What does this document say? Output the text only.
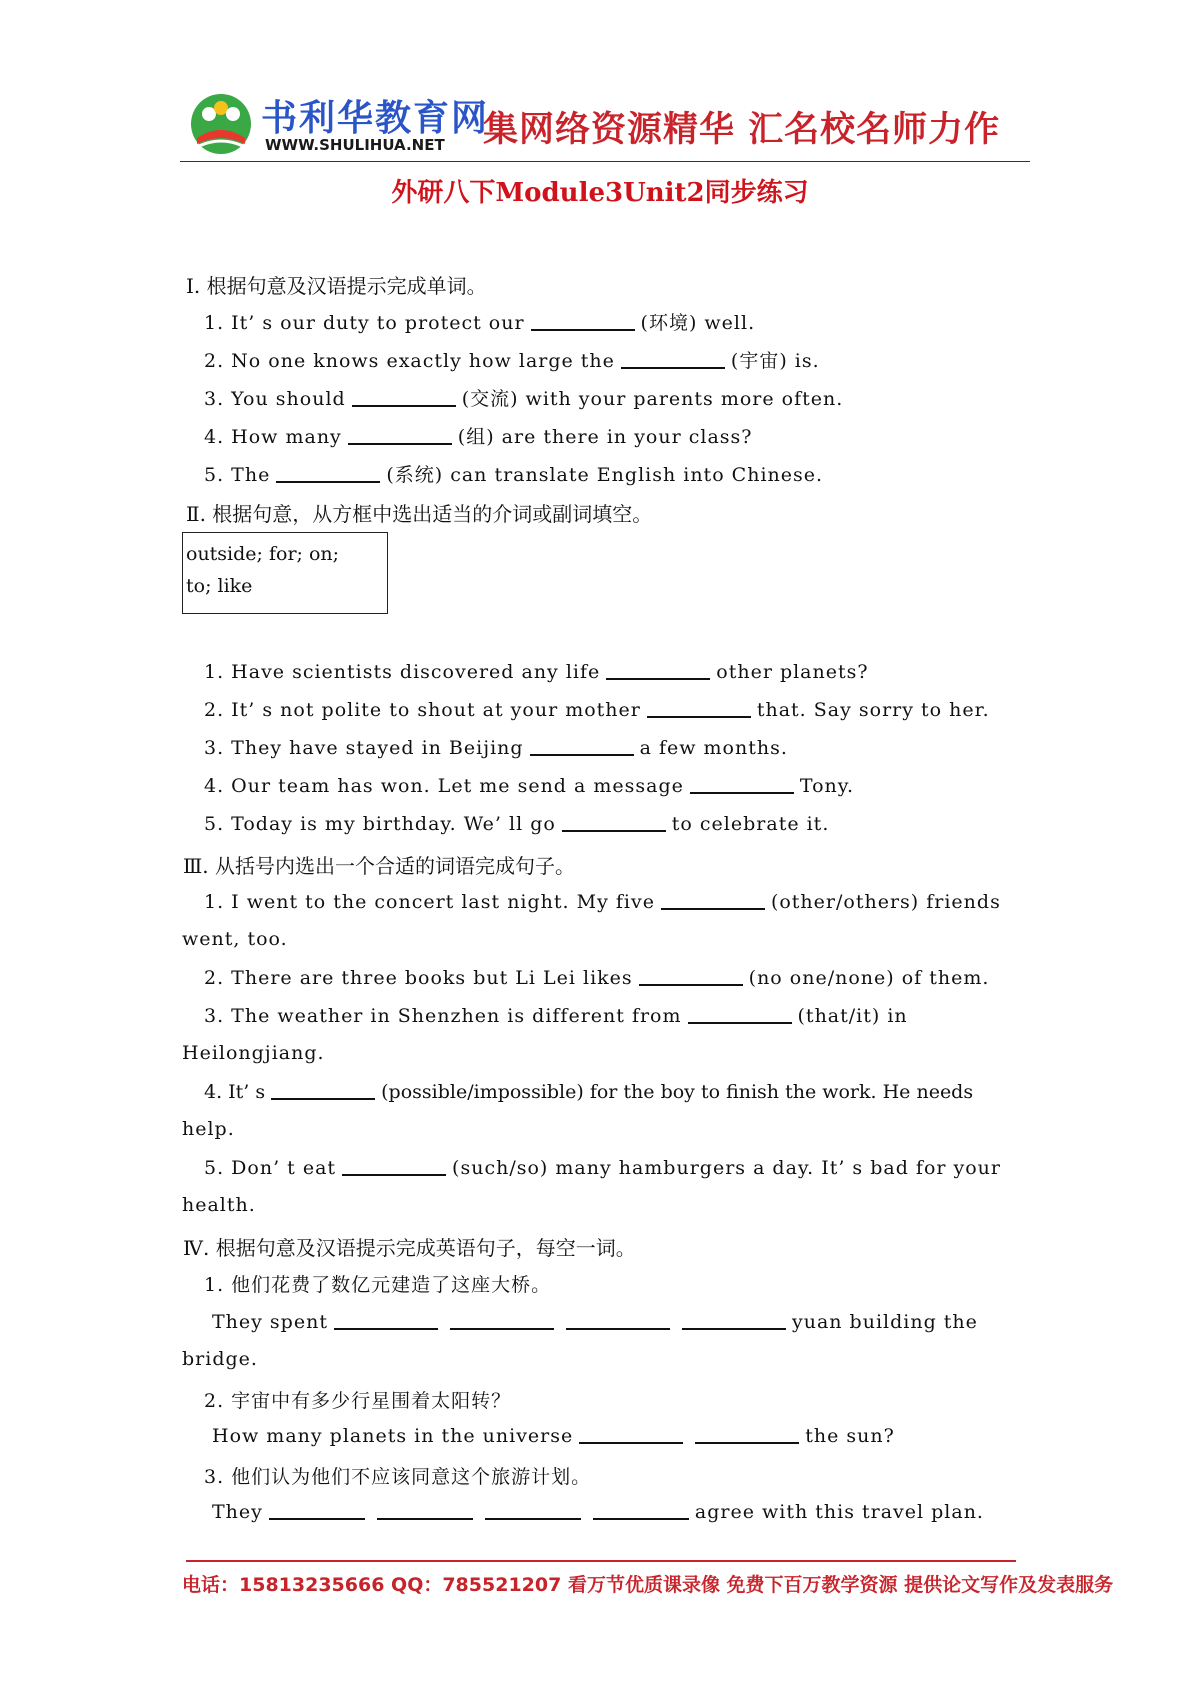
书利华教育网
WWW.SHULIHUA.NET 集网络资源精华 汇名校名师力作
外研八下Module3Unit2同步练习
Ⅰ. 根据句意及汉语提示完成单词。
1. It’ s our duty to protect our	(环境) well.
2. No one knows exactly how large the	(宇宙) is.
3. You should	(交流) with your parents more often.
4. How many	(组) are there in your class?
5. The	(系统) can translate English into Chinese.
Ⅱ. 根据句意，从方框中选出适当的介词或副词填空。
outside; for; on;
to; like
1. Have scientists discovered any life	other planets?
2. It’ s not polite to shout at your mother	that. Say sorry to her.
3. They have stayed in Beijing	a few months.
4. Our team has won. Let me send a message	Tony.
5. Today is my birthday. We’ ll go	to celebrate it.
Ⅲ. 从括号内选出一个合适的词语完成句子。
1. I went to the concert last night. My five	(other/others) friends
went, too.
2. There are three books but Li Lei likes	(no one/none) of them.
3. The weather in Shenzhen is different from	(that/it) in
Heilongjiang.
4. It’ s	(possible/impossible) for the boy to finish the work. He needs
help.
5. Don’ t eat	(such/so) many hamburgers a day. It’ s bad for your
health.
Ⅳ. 根据句意及汉语提示完成英语句子，每空一词。
1. 他们花费了数亿元建造了这座大桥。
They spent	yuan building the
bridge.
2. 宇宙中有多少行星围着太阳转？
How many planets in the universe	the sun?
3. 他们认为他们不应该同意这个旅游计划。
They	agree with this travel plan.
电话：15813235666 QQ：785521207 看万节优质课录像 免费下百万教学资源 提供论文写作及发表服务
